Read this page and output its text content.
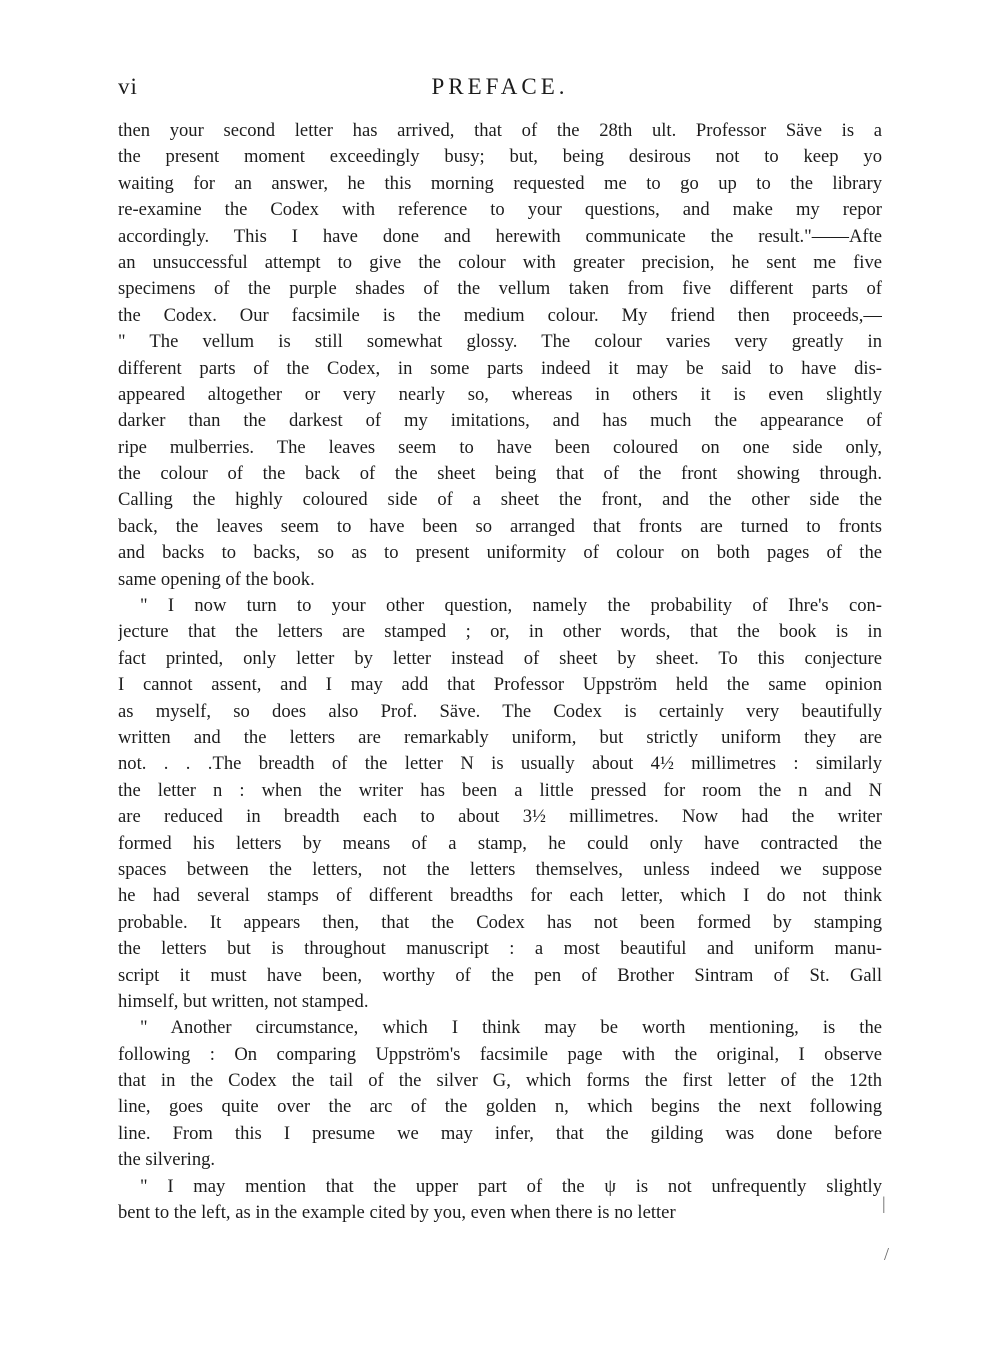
vi	PREFACE.
then your second letter has arrived, that of the 28th ult. Professor Säve is a
the present moment exceedingly busy; but, being desirous not to keep yo
waiting for an answer, he this morning requested me to go up to the library
re-examine the Codex with reference to your questions, and make my repor
accordingly. This I have done and herewith communicate the result."——Afte
an unsuccessful attempt to give the colour with greater precision, he sent me five
specimens of the purple shades of the vellum taken from five different parts of
the Codex. Our facsimile is the medium colour. My friend then proceeds,—
" The vellum is still somewhat glossy. The colour varies very greatly in
different parts of the Codex, in some parts indeed it may be said to have dis-
appeared altogether or very nearly so, whereas in others it is even slightly
darker than the darkest of my imitations, and has much the appearance of
ripe mulberries. The leaves seem to have been coloured on one side only,
the colour of the back of the sheet being that of the front showing through.
Calling the highly coloured side of a sheet the front, and the other side the
back, the leaves seem to have been so arranged that fronts are turned to fronts
and backs to backs, so as to present uniformity of colour on both pages of the
same opening of the book.
" I now turn to your other question, namely the probability of Ihre's con-
jecture that the letters are stamped ; or, in other words, that the book is in
fact printed, only letter by letter instead of sheet by sheet. To this conjecture
I cannot assent, and I may add that Professor Uppström held the same opinion
as myself, so does also Prof. Säve. The Codex is certainly very beautifully
written and the letters are remarkably uniform, but strictly uniform they are
not. . . .The breadth of the letter N is usually about 4½ millimetres : similarly
the letter n : when the writer has been a little pressed for room the n and N
are reduced in breadth each to about 3½ millimetres. Now had the writer
formed his letters by means of a stamp, he could only have contracted the
spaces between the letters, not the letters themselves, unless indeed we suppose
he had several stamps of different breadths for each letter, which I do not think
probable. It appears then, that the Codex has not been formed by stamping
the letters but is throughout manuscript : a most beautiful and uniform manu-
script it must have been, worthy of the pen of Brother Sintram of St. Gall
himself, but written, not stamped.
" Another circumstance, which I think may be worth mentioning, is the
following : On comparing Uppström's facsimile page with the original, I observe
that in the Codex the tail of the silver G, which forms the first letter of the 12th
line, goes quite over the arc of the golden n, which begins the next following
line. From this I presume we may infer, that the gilding was done before
the silvering.
" I may mention that the upper part of the ψ is not unfrequently slightly
bent to the left, as in the example cited by you, even when there is no letter	|
/
